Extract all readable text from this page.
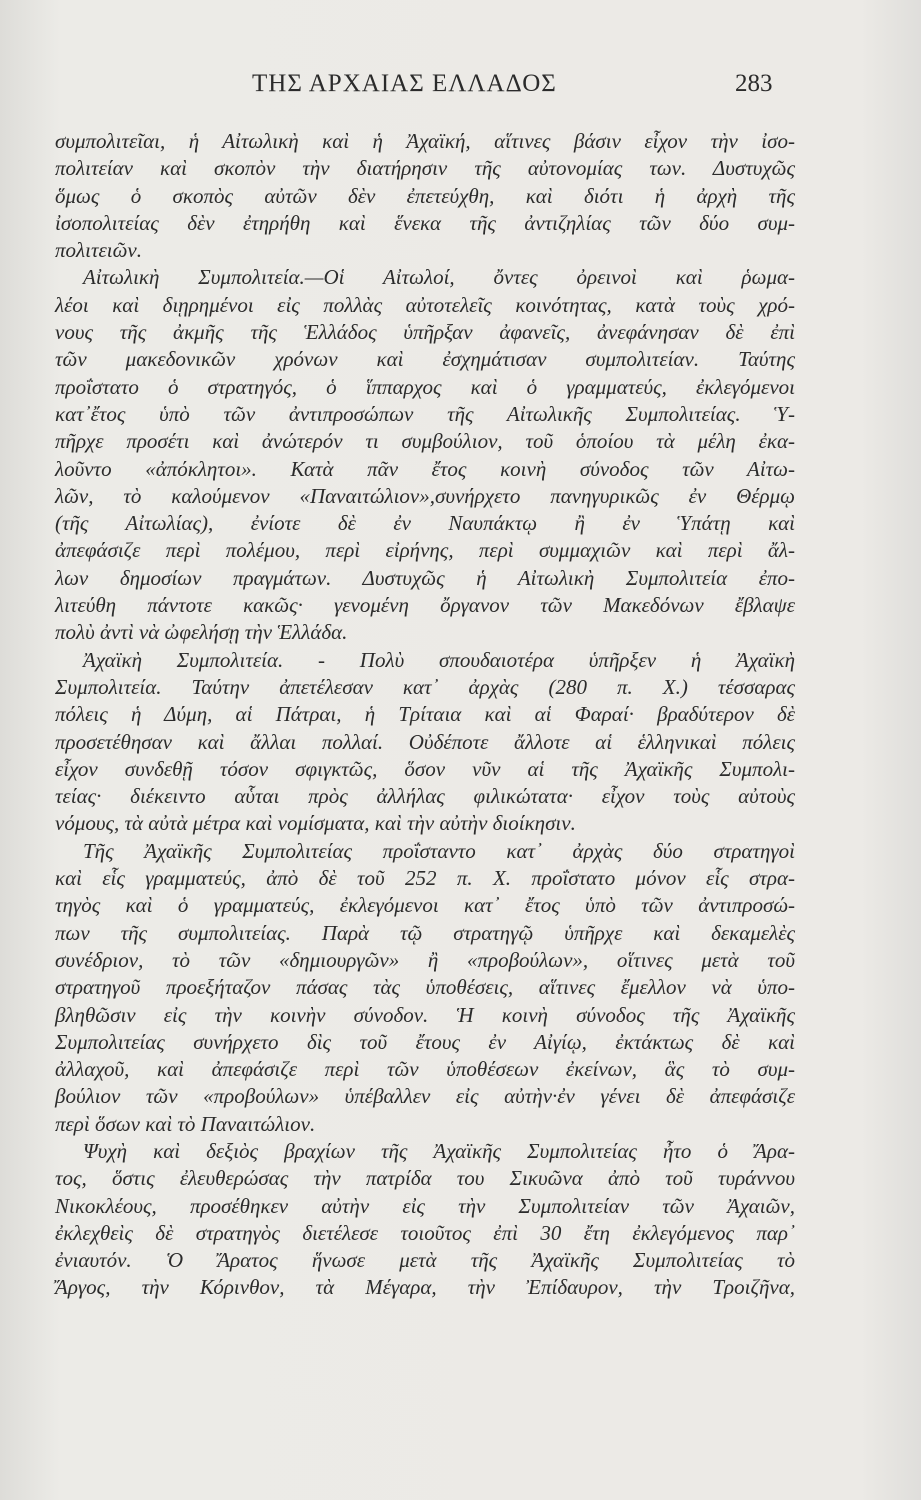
ΤΗΣ ΑΡΧΑΙΑΣ ΕΛΛΑΔΟΣ	283
συμπολιτεῖαι, ἡ Αἰτωλικὴ καὶ ἡ Ἀχαϊκή, αἵτινες βάσιν εἶχον τὴν ἰσο-
πολιτείαν καὶ σκοπὸν τὴν διατήρησιν τῆς αὐτονομίας των. Δυστυχῶς
ὅμως ὁ σκοπὸς αὐτῶν δὲν ἐπετεύχθη, καὶ διότι ἡ ἀρχὴ τῆς
ἰσοπολιτείας δὲν ἐτηρήθη καὶ ἕνεκα τῆς ἀντιζηλίας τῶν δύο συμ-
πολιτειῶν.
Αἰτωλικὴ Συμπολιτεία.—Οἱ Αἰτωλοί, ὄντες ὀρεινοὶ καὶ ῥωμα-
λέοι καὶ διῃρημένοι εἰς πολλὰς αὐτοτελεῖς κοινότητας, κατὰ τοὺς χρό-
νους τῆς ἀκμῆς τῆς Ἑλλάδος ὑπῆρξαν ἀφανεῖς, ἀνεφάνησαν δὲ ἐπὶ
τῶν μακεδονικῶν χρόνων καὶ ἐσχημάτισαν συμπολιτείαν. Ταύτης
προΐστατο ὁ στρατηγός, ὁ ἵππαρχος καὶ ὁ γραμματεύς, ἐκλεγόμενοι
κατ᾽ἔτος ὑπὸ τῶν ἀντιπροσώπων τῆς Αἰτωλικῆς Συμπολιτείας. Ὑ-
πῆρχε προσέτι καὶ ἀνώτερόν τι συμβούλιον, τοῦ ὁποίου τὰ μέλη ἐκα-
λοῦντο «ἀπόκλητοι». Κατὰ πᾶν ἔτος κοινὴ σύνοδος τῶν Αἰτω-
λῶν, τὸ καλούμενον «Παναιτώλιον»,συνήρχετο πανηγυρικῶς ἐν Θέρμῳ
(τῆς Αἰτωλίας), ἐνίοτε δὲ ἐν Ναυπάκτῳ ἢ ἐν Ὑπάτῃ καὶ
ἀπεφάσιζε περὶ πολέμου, περὶ εἰρήνης, περὶ συμμαχιῶν καὶ περὶ ἄλ-
λων δημοσίων πραγμάτων. Δυστυχῶς ἡ Αἰτωλικὴ Συμπολιτεία ἐπο-
λιτεύθη πάντοτε κακῶς· γενομένη ὄργανον τῶν Μακεδόνων ἔβλαψε
πολὺ ἀντὶ νὰ ὠφελήσῃ τὴν Ἑλλάδα.
Ἀχαϊκὴ Συμπολιτεία. - Πολὺ σπουδαιοτέρα ὑπῆρξεν ἡ Ἀχαϊκὴ
Συμπολιτεία. Ταύτην ἀπετέλεσαν κατ᾽ ἀρχὰς (280 π. Χ.) τέσσαρας
πόλεις ἡ Δύμη, αἱ Πάτραι, ἡ Τρίταια καὶ αἱ Φαραί· βραδύτερον δὲ
προσετέθησαν καὶ ἄλλαι πολλαί. Οὐδέποτε ἄλλοτε αἱ ἑλληνικαὶ πόλεις
εἶχον συνδεθῇ τόσον σφιγκτῶς, ὅσον νῦν αἱ τῆς Ἀχαϊκῆς Συμπολι-
τείας· διέκειντο αὗται πρὸς ἀλλήλας φιλικώτατα· εἶχον τοὺς αὐτοὺς
νόμους, τὰ αὐτὰ μέτρα καὶ νομίσματα, καὶ τὴν αὐτὴν διοίκησιν.
Τῆς Ἀχαϊκῆς Συμπολιτείας προΐσταντο κατ᾽ ἀρχὰς δύο στρατηγοὶ
καὶ εἷς γραμματεύς, ἀπὸ δὲ τοῦ 252 π. Χ. προΐστατο μόνον εἷς στρα-
τηγὸς καὶ ὁ γραμματεύς, ἐκλεγόμενοι κατ᾽ ἔτος ὑπὸ τῶν ἀντιπροσώ-
πων τῆς συμπολιτείας. Παρὰ τῷ στρατηγῷ ὑπῆρχε καὶ δεκαμελὲς
συνέδριον, τὸ τῶν «δημιουργῶν» ἢ «προβούλων», οἵτινες μετὰ τοῦ
στρατηγοῦ προεξήταζον πάσας τὰς ὑποθέσεις, αἵτινες ἔμελλον νὰ ὑπο-
βληθῶσιν εἰς τὴν κοινὴν σύνοδον. Ἡ κοινὴ σύνοδος τῆς Ἀχαϊκῆς
Συμπολιτείας συνήρχετο δὶς τοῦ ἔτους ἐν Αἰγίῳ, ἐκτάκτως δὲ καὶ
ἀλλαχοῦ, καὶ ἀπεφάσιζε περὶ τῶν ὑποθέσεων ἐκείνων, ἃς τὸ συμ-
βούλιον τῶν «προβούλων» ὑπέβαλλεν εἰς αὐτὴν·ἐν γένει δὲ ἀπεφάσιζε
περὶ ὅσων καὶ τὸ Παναιτώλιον.
Ψυχὴ καὶ δεξιὸς βραχίων τῆς Ἀχαϊκῆς Συμπολιτείας ἦτο ὁ Ἄρα-
τος, ὅστις ἐλευθερώσας τὴν πατρίδα του Σικυῶνα ἀπὸ τοῦ τυράννου
Νικοκλέους, προσέθηκεν αὐτὴν εἰς τὴν Συμπολιτείαν τῶν Ἀχαιῶν,
ἐκλεχθεὶς δὲ στρατηγὸς διετέλεσε τοιοῦτος ἐπὶ 30 ἔτη ἐκλεγόμενος παρ᾽
ἐνιαυτόν. Ὁ Ἄρατος ἥνωσε μετὰ τῆς Ἀχαϊκῆς Συμπολιτείας τὸ
Ἄργος, τὴν Κόρινθον, τὰ Μέγαρα, τὴν Ἐπίδαυρον, τὴν Τροιζῆνα,
